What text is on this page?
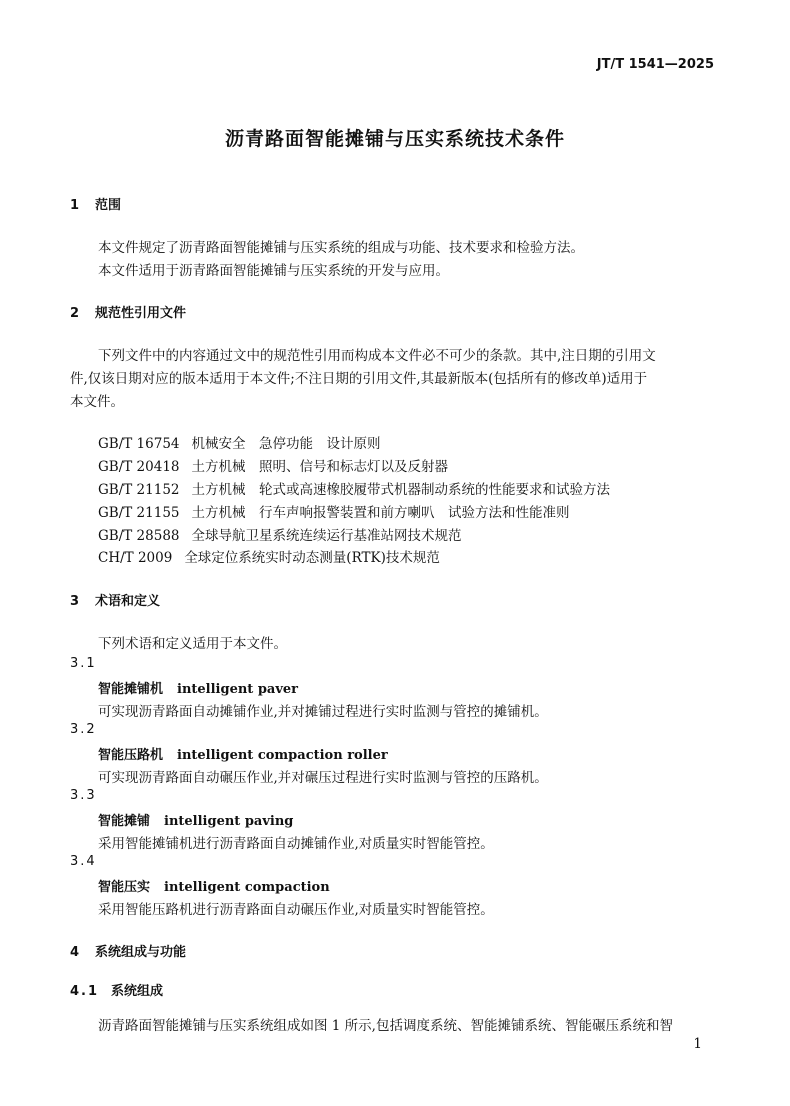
JT/T 1541—2025
沥青路面智能摊铺与压实系统技术条件
1 范围
本文件规定了沥青路面智能摊铺与压实系统的组成与功能、技术要求和检验方法。
本文件适用于沥青路面智能摊铺与压实系统的开发与应用。
2 规范性引用文件
下列文件中的内容通过文中的规范性引用而构成本文件必不可少的条款。其中,注日期的引用文
件,仅该日期对应的版本适用于本文件;不注日期的引用文件,其最新版本(包括所有的修改单)适用于
本文件。
GB/T 16754 机械安全　急停功能　设计原则
GB/T 20418 土方机械　照明、信号和标志灯以及反射器
GB/T 21152 土方机械　轮式或高速橡胶履带式机器制动系统的性能要求和试验方法
GB/T 21155 土方机械　行车声响报警装置和前方喇叭　试验方法和性能准则
GB/T 28588 全球导航卫星系统连续运行基准站网技术规范
CH/T 2009 全球定位系统实时动态测量(RTK)技术规范
3 术语和定义
下列术语和定义适用于本文件。
3.1
智能摊铺机 intelligent paver
可实现沥青路面自动摊铺作业,并对摊铺过程进行实时监测与管控的摊铺机。
3.2
智能压路机 intelligent compaction roller
可实现沥青路面自动碾压作业,并对碾压过程进行实时监测与管控的压路机。
3.3
智能摊铺 intelligent paving
采用智能摊铺机进行沥青路面自动摊铺作业,对质量实时智能管控。
3.4
智能压实 intelligent compaction
采用智能压路机进行沥青路面自动碾压作业,对质量实时智能管控。
4 系统组成与功能
4.1 系统组成
沥青路面智能摊铺与压实系统组成如图 1 所示,包括调度系统、智能摊铺系统、智能碾压系统和智
1
